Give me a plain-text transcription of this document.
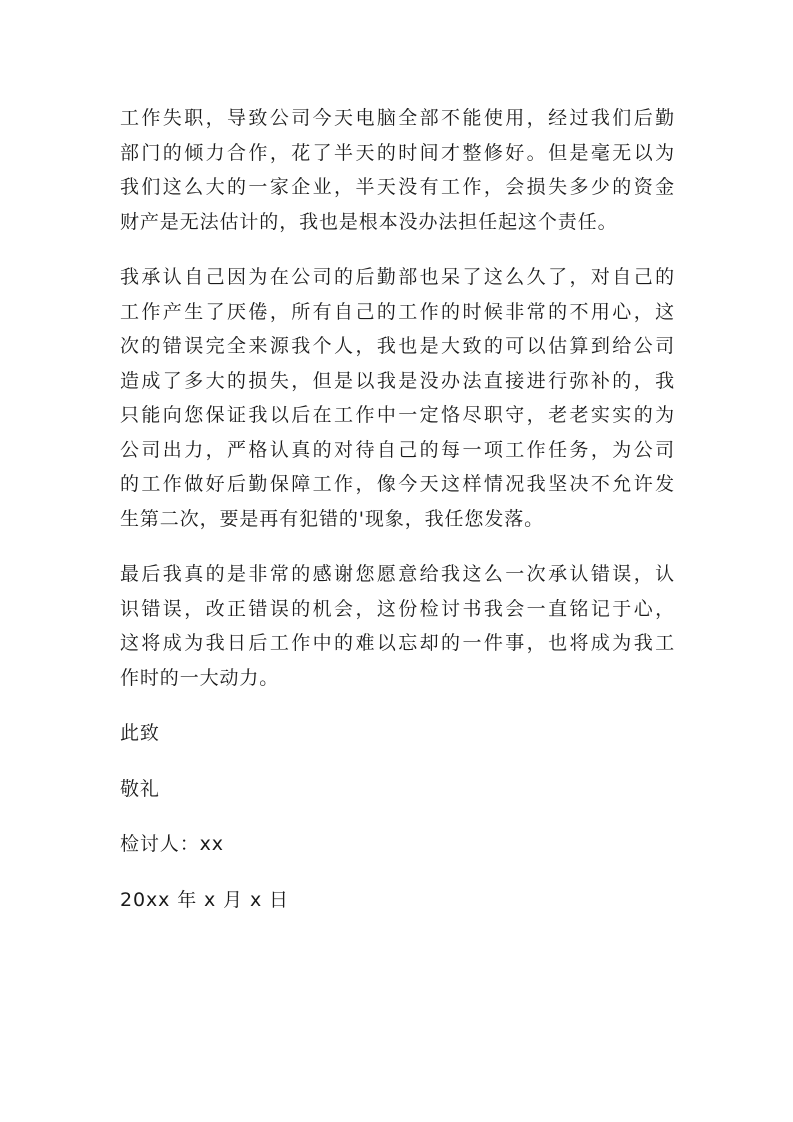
工作失职，导致公司今天电脑全部不能使用，经过我们后勤
部门的倾力合作，花了半天的时间才整修好。但是毫无以为
我们这么大的一家企业，半天没有工作，会损失多少的资金
财产是无法估计的，我也是根本没办法担任起这个责任。

我承认自己因为在公司的后勤部也呆了这么久了，对自己的
工作产生了厌倦，所有自己的工作的时候非常的不用心，这
次的错误完全来源我个人，我也是大致的可以估算到给公司
造成了多大的损失，但是以我是没办法直接进行弥补的，我
只能向您保证我以后在工作中一定恪尽职守，老老实实的为
公司出力，严格认真的对待自己的每一项工作任务，为公司
的工作做好后勤保障工作，像今天这样情况我坚决不允许发
生第二次，要是再有犯错的'现象，我任您发落。

最后我真的是非常的感谢您愿意给我这么一次承认错误，认
识错误，改正错误的机会，这份检讨书我会一直铭记于心，
这将成为我日后工作中的难以忘却的一件事，也将成为我工
作时的一大动力。

此致

敬礼

检讨人：xx

20xx 年 x 月 x 日
